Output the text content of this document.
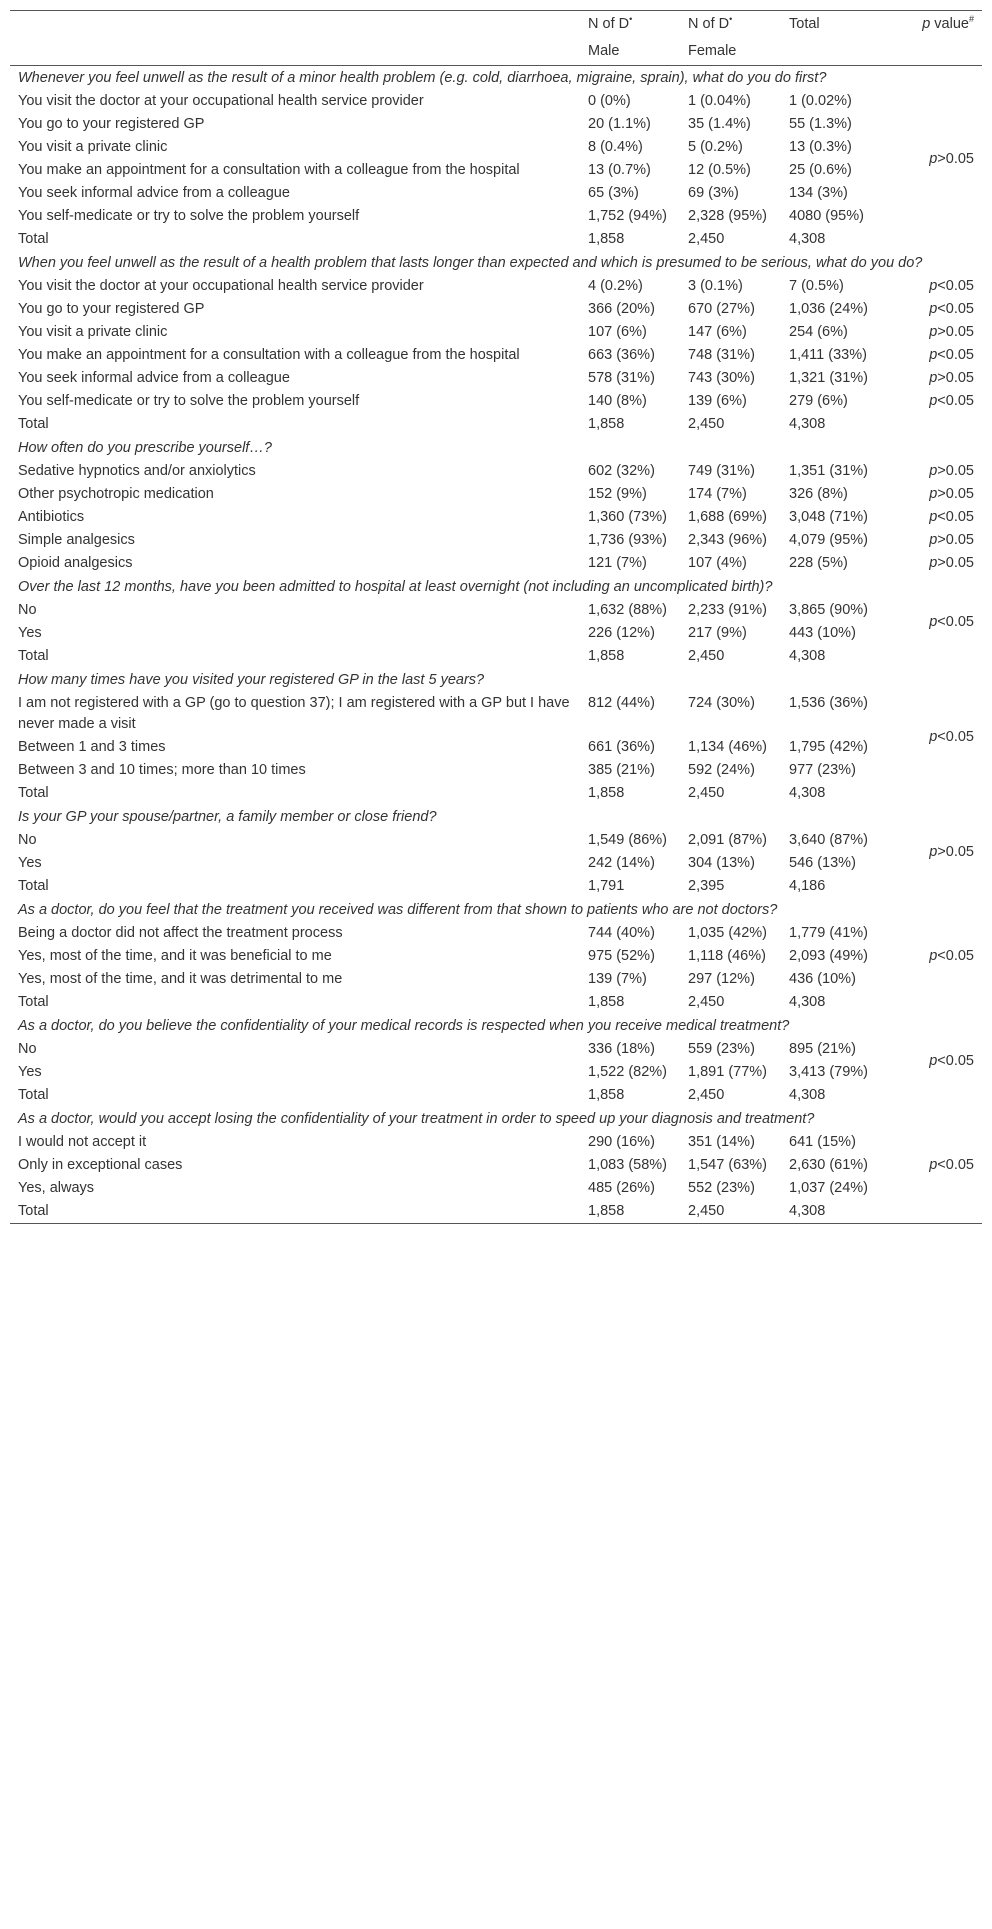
	N of D•	N of D•	Total	p value#
	Male	Female		
Whenever you feel unwell as the result of a minor health problem (e.g. cold, diarrhoea, migraine, sprain), what do you do first?				
You visit the doctor at your occupational health service provider	0 (0%)	1 (0.04%)	1 (0.02%)	p>0.05
You go to your registered GP	20 (1.1%)	35 (1.4%)	55 (1.3%)	
You visit a private clinic	8 (0.4%)	5 (0.2%)	13 (0.3%)	
You make an appointment for a consultation with a colleague from the hospital	13 (0.7%)	12 (0.5%)	25 (0.6%)	
You seek informal advice from a colleague	65 (3%)	69 (3%)	134 (3%)	
You self-medicate or try to solve the problem yourself	1,752 (94%)	2,328 (95%)	4080 (95%)	
Total	1,858	2,450	4,308	
When you feel unwell as the result of a health problem that lasts longer than expected and which is presumed to be serious, what do you do?				
You visit the doctor at your occupational health service provider	4 (0.2%)	3 (0.1%)	7 (0.5%)	p<0.05
You go to your registered GP	366 (20%)	670 (27%)	1,036 (24%)	p<0.05
You visit a private clinic	107 (6%)	147 (6%)	254 (6%)	p>0.05
You make an appointment for a consultation with a colleague from the hospital	663 (36%)	748 (31%)	1,411 (33%)	p<0.05
You seek informal advice from a colleague	578 (31%)	743 (30%)	1,321 (31%)	p>0.05
You self-medicate or try to solve the problem yourself	140 (8%)	139 (6%)	279 (6%)	p<0.05
Total	1,858	2,450	4,308	
How often do you prescribe yourself…?				
Sedative hypnotics and/or anxiolytics	602 (32%)	749 (31%)	1,351 (31%)	p>0.05
Other psychotropic medication	152 (9%)	174 (7%)	326 (8%)	p>0.05
Antibiotics	1,360 (73%)	1,688 (69%)	3,048 (71%)	p<0.05
Simple analgesics	1,736 (93%)	2,343 (96%)	4,079 (95%)	p>0.05
Opioid analgesics	121 (7%)	107 (4%)	228 (5%)	p>0.05
Over the last 12 months, have you been admitted to hospital at least overnight (not including an uncomplicated birth)?				
No	1,632 (88%)	2,233 (91%)	3,865 (90%)	p<0.05
Yes	226 (12%)	217 (9%)	443 (10%)	
Total	1,858	2,450	4,308	
How many times have you visited your registered GP in the last 5 years?				
I am not registered with a GP (go to question 37); I am registered with a GP but I have never made a visit	812 (44%)	724 (30%)	1,536 (36%)	p<0.05
Between 1 and 3 times	661 (36%)	1,134 (46%)	1,795 (42%)	
Between 3 and 10 times; more than 10 times	385 (21%)	592 (24%)	977 (23%)	
Total	1,858	2,450	4,308	
Is your GP your spouse/partner, a family member or close friend?				
No	1,549 (86%)	2,091 (87%)	3,640 (87%)	p>0.05
Yes	242 (14%)	304 (13%)	546 (13%)	
Total	1,791	2,395	4,186	
As a doctor, do you feel that the treatment you received was different from that shown to patients who are not doctors?				
Being a doctor did not affect the treatment process	744 (40%)	1,035 (42%)	1,779 (41%)	p<0.05
Yes, most of the time, and it was beneficial to me	975 (52%)	1,118 (46%)	2,093 (49%)	
Yes, most of the time, and it was detrimental to me	139 (7%)	297 (12%)	436 (10%)	
Total	1,858	2,450	4,308	
As a doctor, do you believe the confidentiality of your medical records is respected when you receive medical treatment?				
No	336 (18%)	559 (23%)	895 (21%)	p<0.05
Yes	1,522 (82%)	1,891 (77%)	3,413 (79%)	
Total	1,858	2,450	4,308	
As a doctor, would you accept losing the confidentiality of your treatment in order to speed up your diagnosis and treatment?				
I would not accept it	290 (16%)	351 (14%)	641 (15%)	p<0.05
Only in exceptional cases	1,083 (58%)	1,547 (63%)	2,630 (61%)	
Yes, always	485 (26%)	552 (23%)	1,037 (24%)	
Total	1,858	2,450	4,308	
